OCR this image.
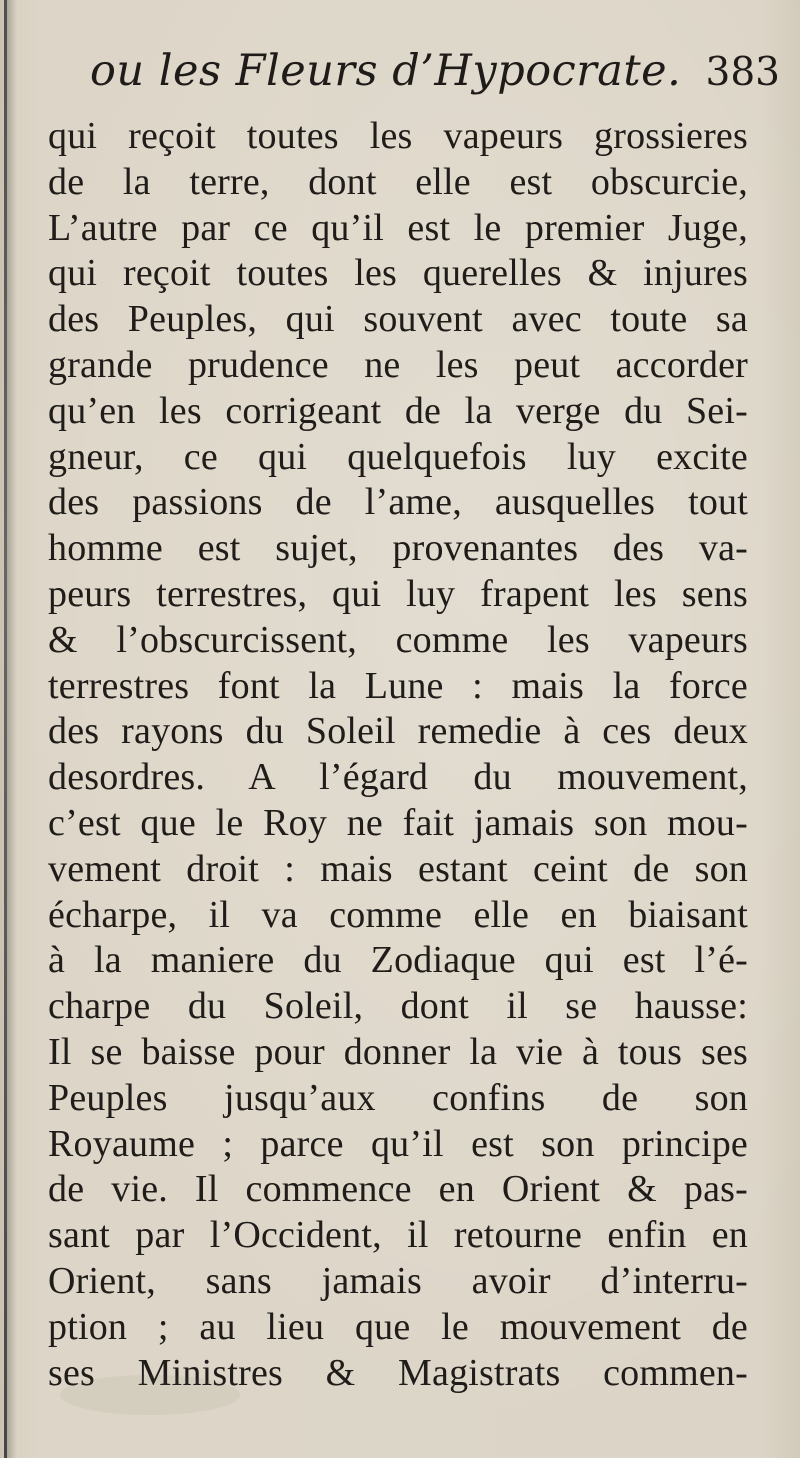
ou les Fleurs d’Hypocrate. 383
qui reçoit toutes les vapeurs grossieres
de la terre, dont elle est obscurcie,
L’autre par ce qu’il est le premier Juge,
qui reçoit toutes les querelles & injures
des Peuples, qui souvent avec toute sa
grande prudence ne les peut accorder
qu’en les corrigeant de la verge du Sei-
gneur, ce qui quelquefois luy excite
des passions de l’ame, ausquelles tout
homme est sujet, provenantes des va-
peurs terrestres, qui luy frapent les sens
& l’obscurcissent, comme les vapeurs
terrestres font la Lune : mais la force
des rayons du Soleil remedie à ces deux
desordres. A l’égard du mouvement,
c’est que le Roy ne fait jamais son mou-
vement droit : mais estant ceint de son
écharpe, il va comme elle en biaisant
à la maniere du Zodiaque qui est l’é-
charpe du Soleil, dont il se hausse:
Il se baisse pour donner la vie à tous ses
Peuples jusqu’aux confins de son
Royaume ; parce qu’il est son principe
de vie. Il commence en Orient & pas-
sant par l’Occident, il retourne enfin en
Orient, sans jamais avoir d’interru-
ption ; au lieu que le mouvement de
ses Ministres & Magistrats commen-
